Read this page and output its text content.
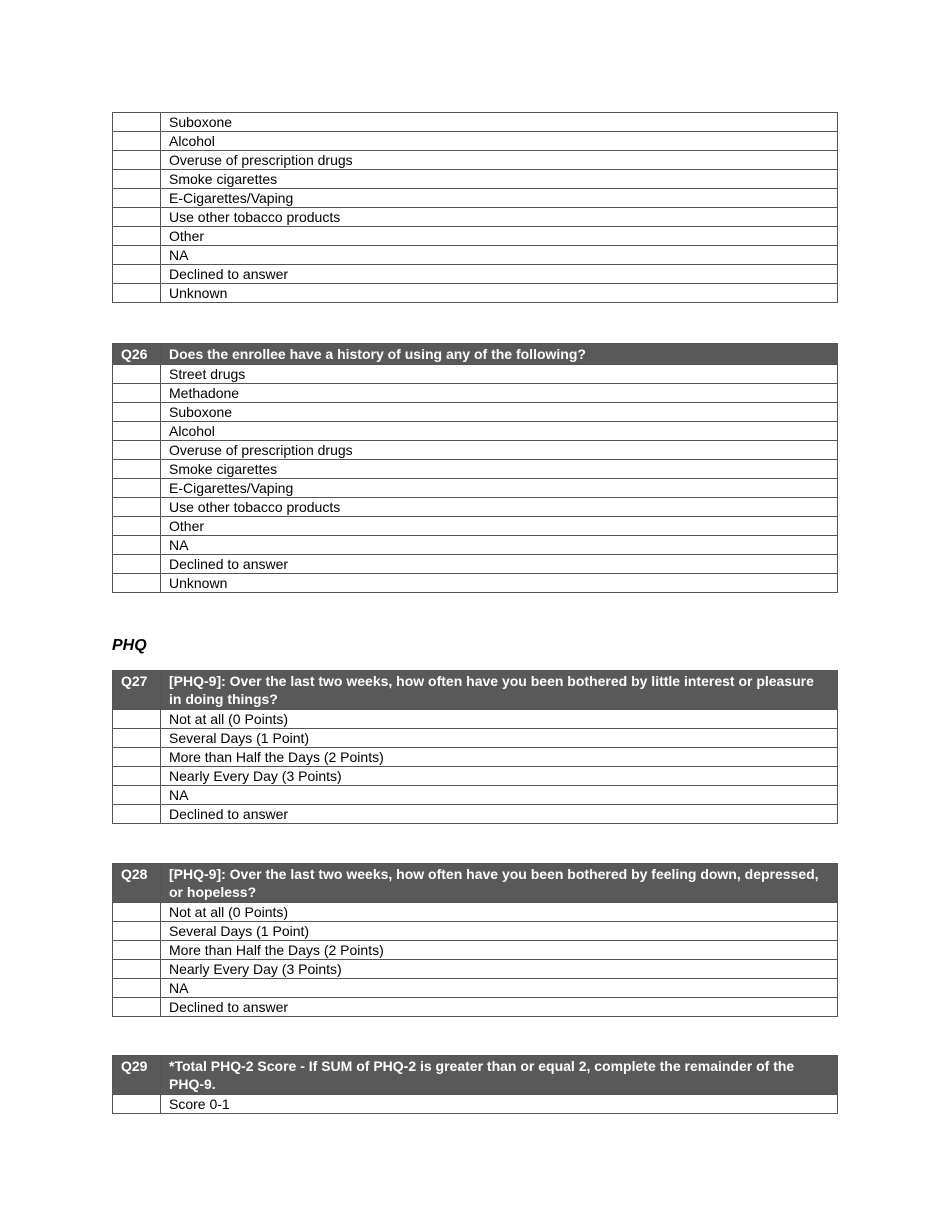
	Suboxone
	Alcohol
	Overuse of prescription drugs
	Smoke cigarettes
	E-Cigarettes/Vaping
	Use other tobacco products
	Other
	NA
	Declined to answer
	Unknown
Q26	Does the enrollee have a history of using any of the following?
	Street drugs
	Methadone
	Suboxone
	Alcohol
	Overuse of prescription drugs
	Smoke cigarettes
	E-Cigarettes/Vaping
	Use other tobacco products
	Other
	NA
	Declined to answer
	Unknown

PHQ

Q27	[PHQ-9]: Over the last two weeks, how often have you been bothered by little interest or pleasure in doing things?
	Not at all (0 Points)
	Several Days (1 Point)
	More than Half the Days (2 Points)
	Nearly Every Day (3 Points)
	NA
	Declined to answer
Q28	[PHQ-9]: Over the last two weeks, how often have you been bothered by feeling down, depressed, or hopeless?
	Not at all (0 Points)
	Several Days (1 Point)
	More than Half the Days (2 Points)
	Nearly Every Day (3 Points)
	NA
	Declined to answer
Q29	*Total PHQ-2 Score - If SUM of PHQ-2 is greater than or equal 2, complete the remainder of the PHQ-9.
	Score 0-1
